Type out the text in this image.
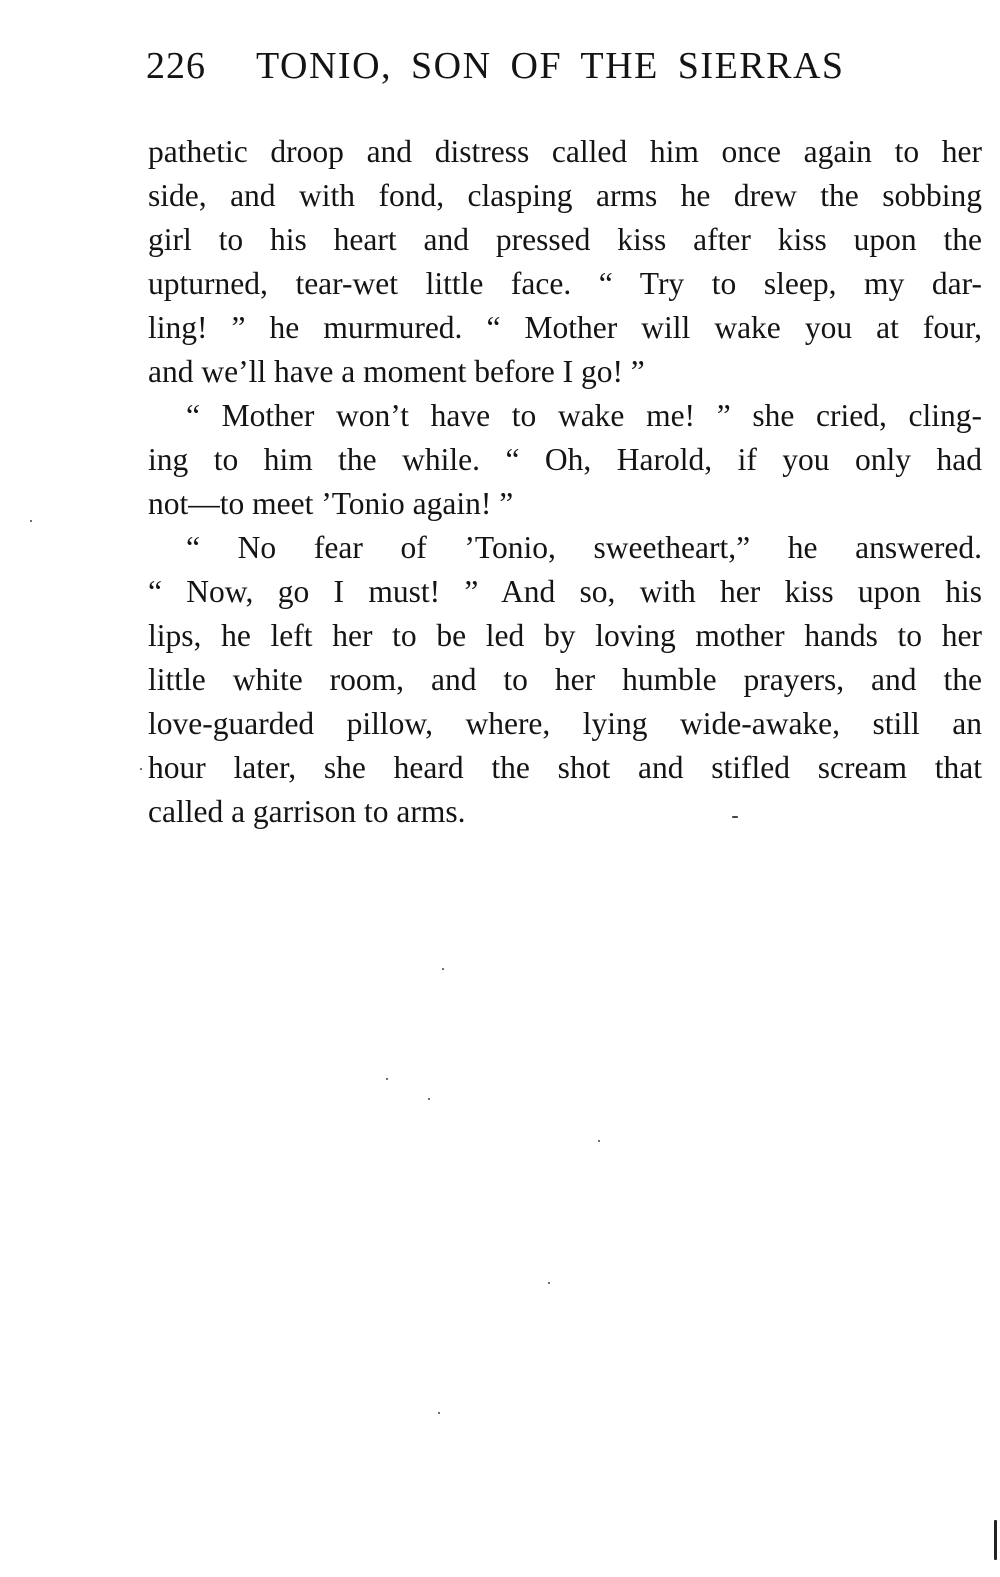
226 TONIO, SON OF THE SIERRAS
pathetic droop and distress called him once again to her
side, and with fond, clasping arms he drew the sobbing
girl to his heart and pressed kiss after kiss upon the
upturned, tear-wet little face. “ Try to sleep, my dar-
ling! ” he murmured. “ Mother will wake you at four,
and we’ll have a moment before I go! ”
“ Mother won’t have to wake me! ” she cried, cling-
ing to him the while. “ Oh, Harold, if you only had
not—to meet ’Tonio again! ”
“ No fear of ’Tonio, sweetheart,” he answered.
“ Now, go I must! ” And so, with her kiss upon his
lips, he left her to be led by loving mother hands to her
little white room, and to her humble prayers, and the
love-guarded pillow, where, lying wide-awake, still an
hour later, she heard the shot and stifled scream that
called a garrison to arms.
